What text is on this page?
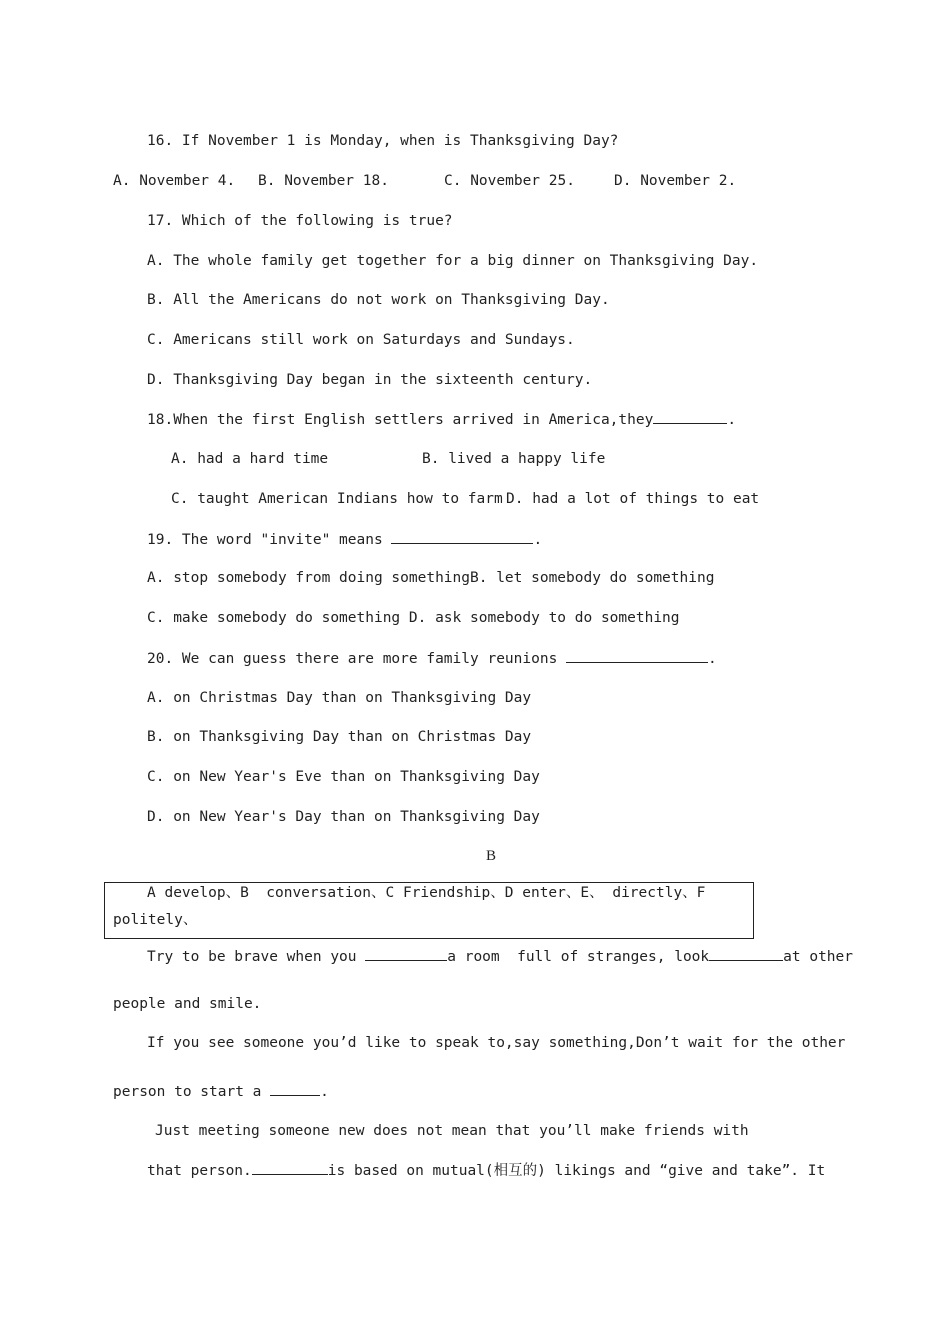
16. If November 1 is Monday, when is Thanksgiving Day?
A. November 4. B. November 18.	C. November 25.	D. November 2.
17. Which of the following is true?
A. The whole family get together for a big dinner on Thanksgiving Day.
B. All the Americans do not work on Thanksgiving Day.
C. Americans still work on Saturdays and Sundays.
D. Thanksgiving Day began in the sixteenth century.
18.When the first English settlers arrived in America,they	.
A. had a hard time	B. lived a happy life
C. taught American Indians how to farm D. had a lot of things to eat
19. The word "invite" means	.
A. stop somebody from doing somethingB. let somebody do something
C. make somebody do something D. ask somebody to do something
20. We can guess there are more family reunions	.
A. on Christmas Day than on Thanksgiving Day
B. on Thanksgiving Day than on Christmas Day
C. on New Year's Eve than on Thanksgiving Day
D. on New Year's Day than on Thanksgiving Day
B
A develop、B  conversation、C Friendship、D enter、E、 directly、F
politely、
Try to be brave when you	a room  full of stranges, look	at other
people and smile.
If you see someone you’d like to speak to,say something,Don’t wait for the other
person to start a	.
Just meeting someone new does not mean that you’ll make friends with
that person.	is based on mutual(相互的) likings and “give and take”. It
